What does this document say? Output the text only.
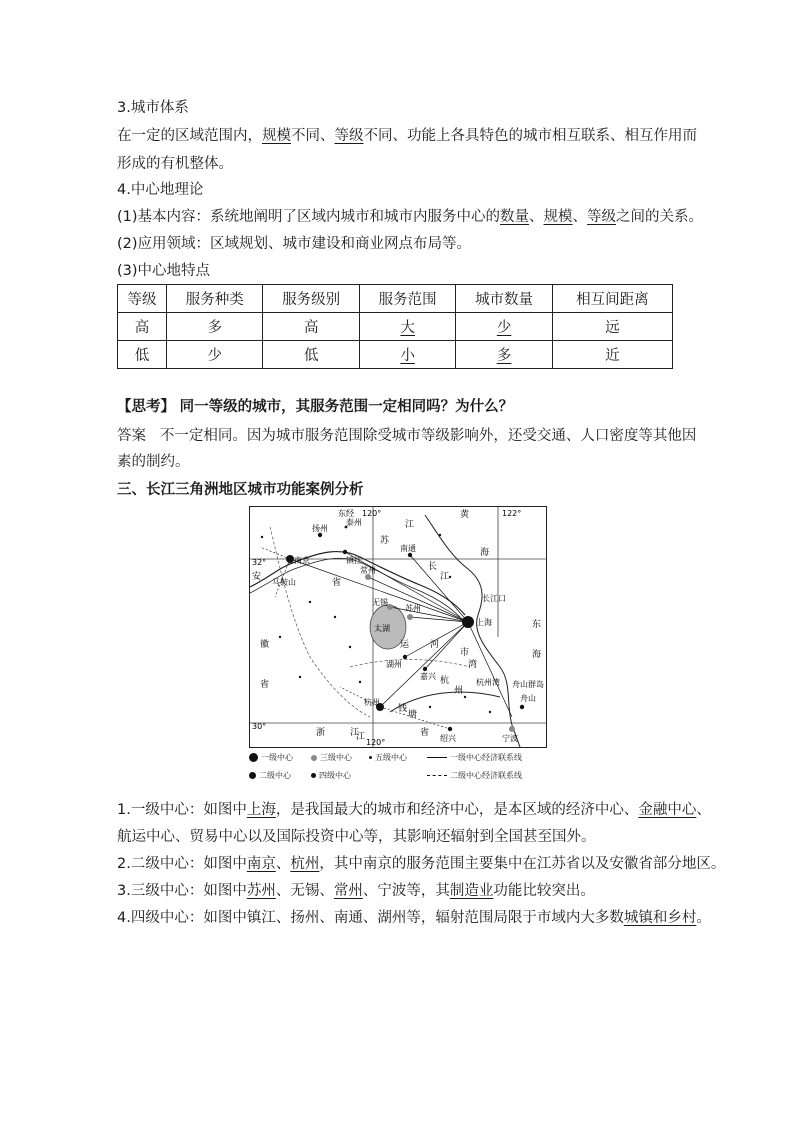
3.城市体系
在一定的区域范围内，规模不同、等级不同、功能上各具特色的城市相互联系、相互作用而
形成的有机整体。
4.中心地理论
(1)基本内容：系统地阐明了区域内城市和城市内服务中心的数量、规模、等级之间的关系。
(2)应用领域：区域规划、城市建设和商业网点布局等。
(3)中心地特点
等级	服务种类	服务级别	服务范围	城市数量	相互间距离
高	多	高	大	少	远
低	少	低	小	多	近
【思考】 同一等级的城市，其服务范围一定相同吗？为什么？
答案 不一定相同。因为城市服务范围除受城市等级影响外，还受交通、人口密度等其他因
素的制约。
三、长江三角洲地区城市功能案例分析
东经 120°	122°
120°
32°
30°
扬州
泰州
南京	镇江
常州
南通
无锡
苏州
上海
湖州
嘉兴
杭州
绍兴	宁波
舟山
马鞍山
太湖
长江口
杭州湾 舟山群岛
江
苏
安
徽
省
省
浙	江	省
黄
海
东
海
长
江
河
运
市
湾
杭
州
钱
塘
江
一级中心	三级中心	五级中心	一级中心经济联系线
二级中心	四级中心	二级中心经济联系线
1.一级中心：如图中上海，是我国最大的城市和经济中心，是本区域的经济中心、金融中心、
航运中心、贸易中心以及国际投资中心等，其影响还辐射到全国甚至国外。
2.二级中心：如图中南京、杭州，其中南京的服务范围主要集中在江苏省以及安徽省部分地区。
3.三级中心：如图中苏州、无锡、常州、宁波等，其制造业功能比较突出。
4.四级中心：如图中镇江、扬州、南通、湖州等，辐射范围局限于市域内大多数城镇和乡村。
